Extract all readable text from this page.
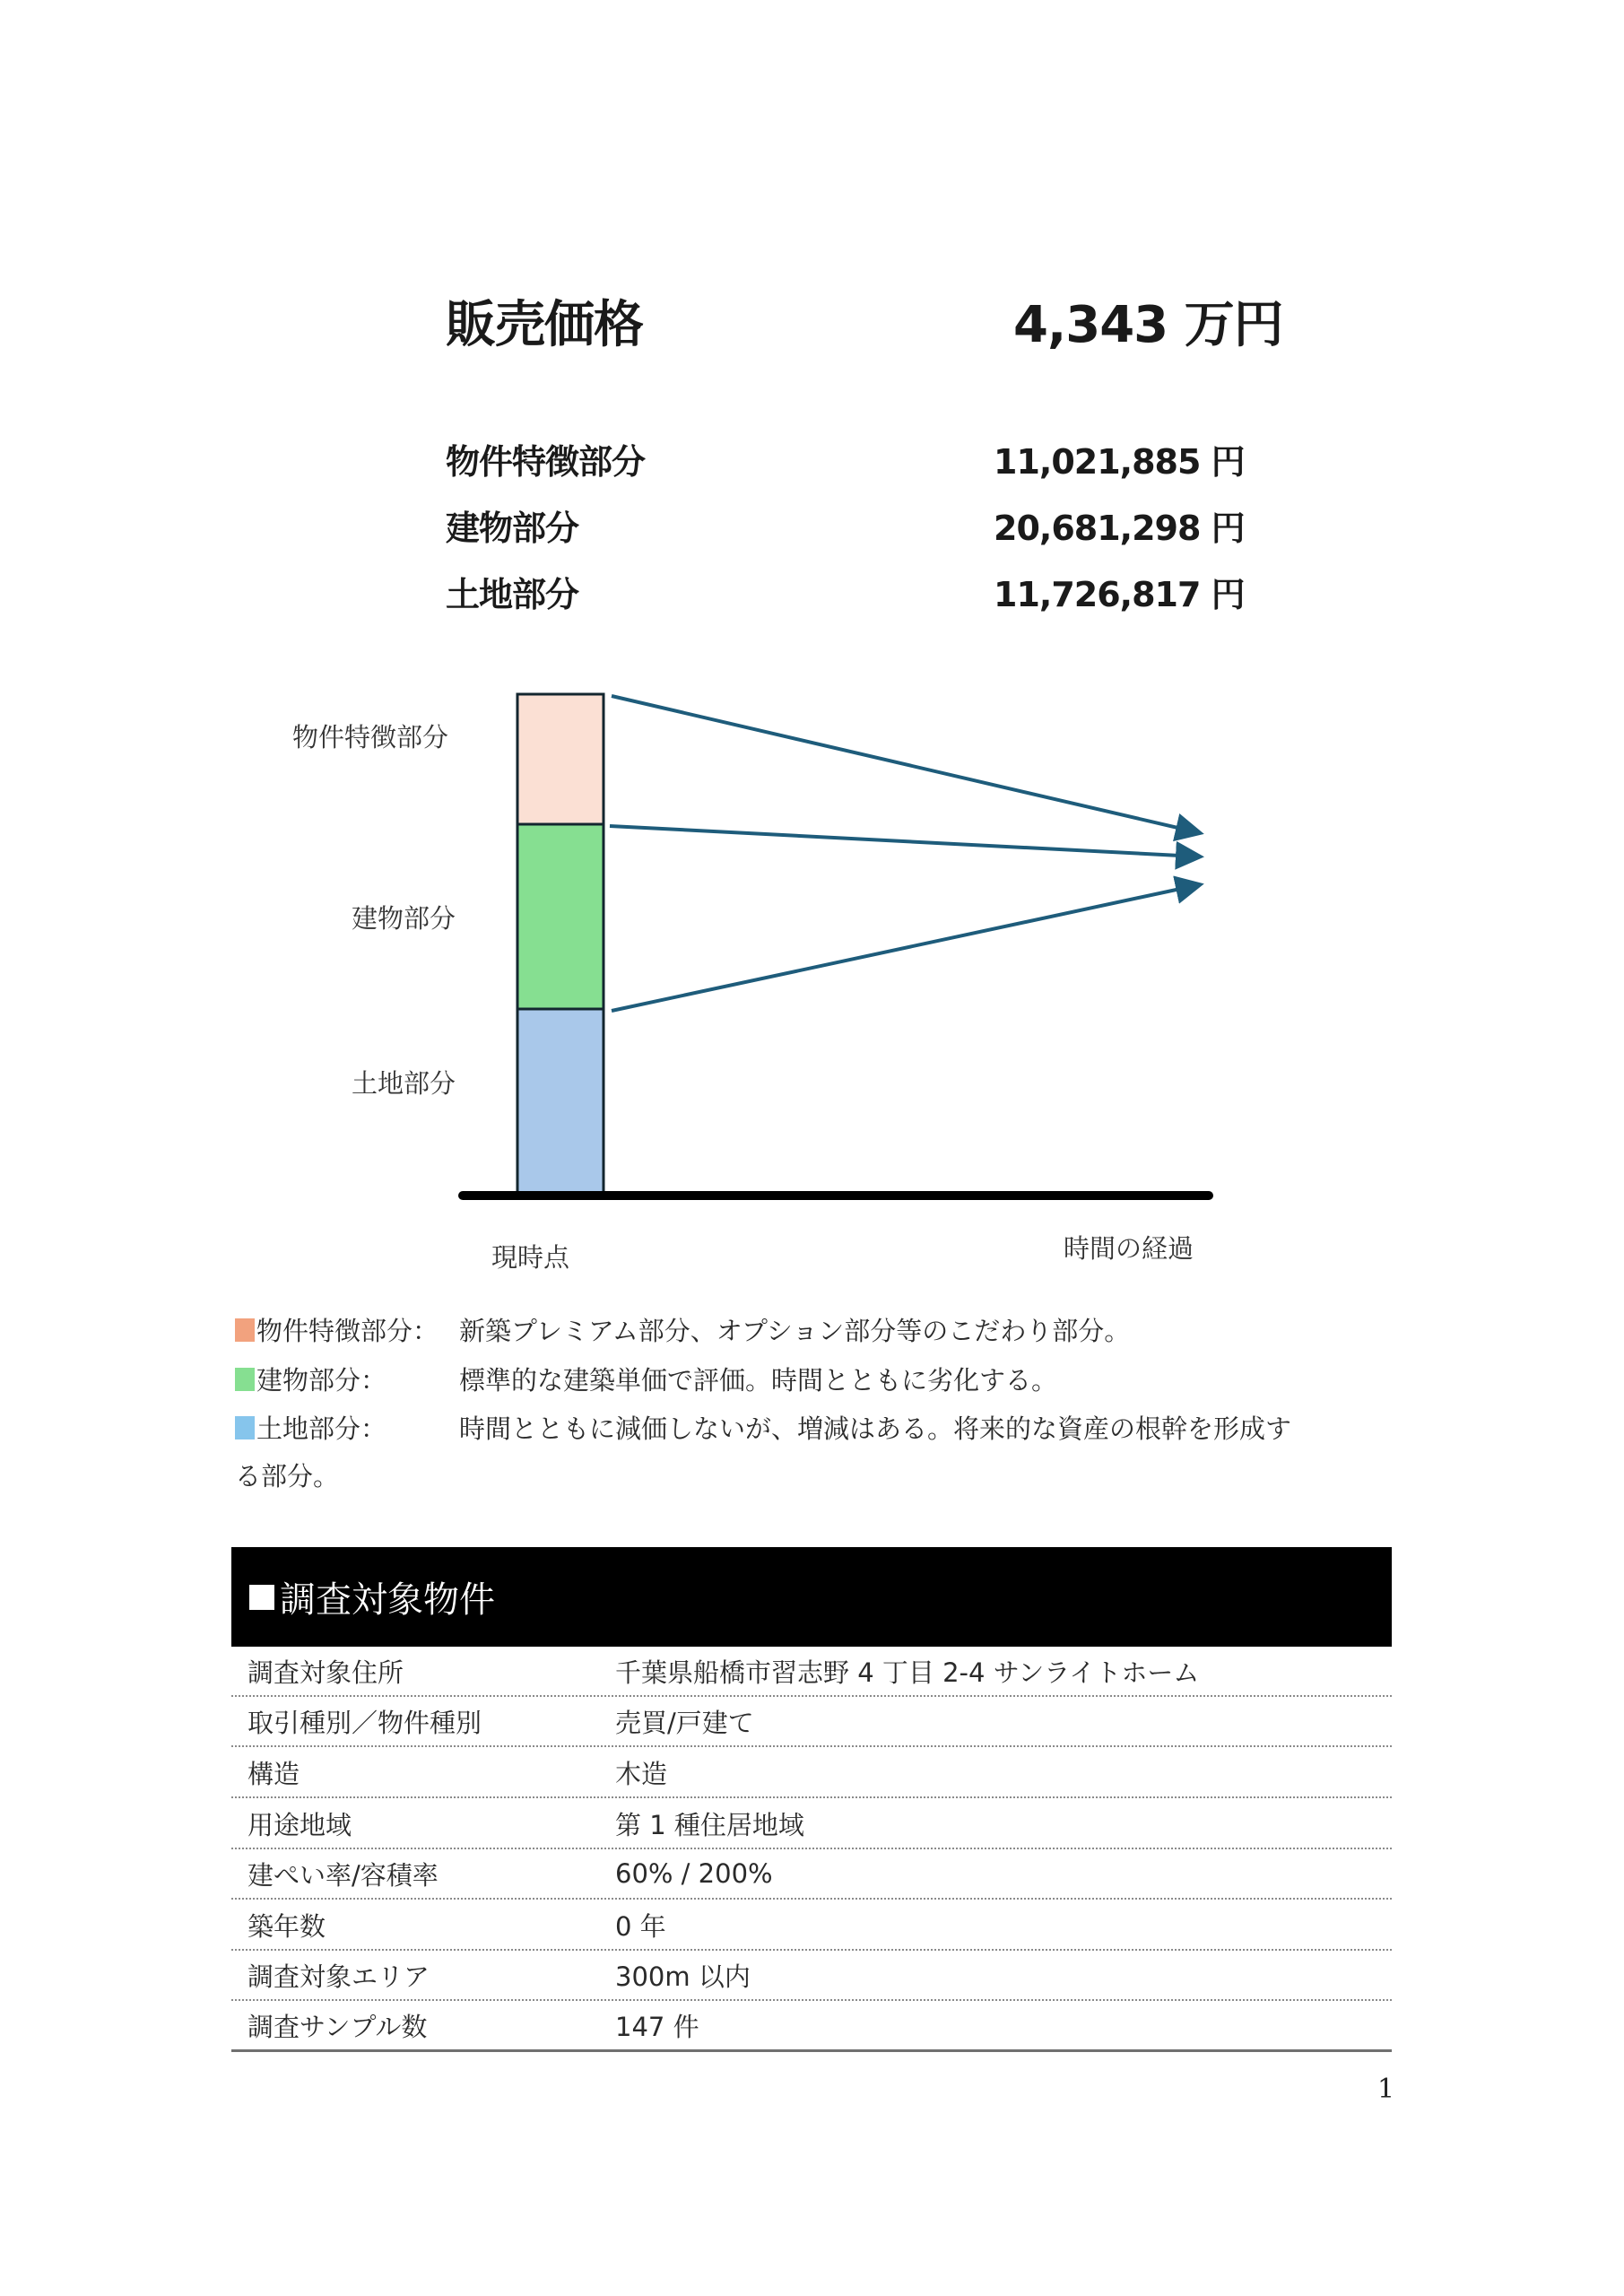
販売価格	4,343 万円
物件特徴部分	11,021,885 円
建物部分	20,681,298 円
土地部分	11,726,817 円
物件特徴部分
建物部分
土地部分
現時点	時間の経過
物件特徴部分： 新築プレミアム部分、オプション部分等のこだわり部分。
建物部分：	標準的な建築単価で評価。時間とともに劣化する。
土地部分：	時間とともに減価しないが、増減はある。将来的な資産の根幹を形成す
る部分。
調査対象物件
調査対象住所	千葉県船橋市習志野 4 丁目 2-4 サンライトホーム
取引種別／物件種別	売買/戸建て
構造	木造
用途地域	第 1 種住居地域
建ぺい率/容積率	60% / 200%
築年数	0 年
調査対象エリア	300m 以内
調査サンプル数	147 件
1
